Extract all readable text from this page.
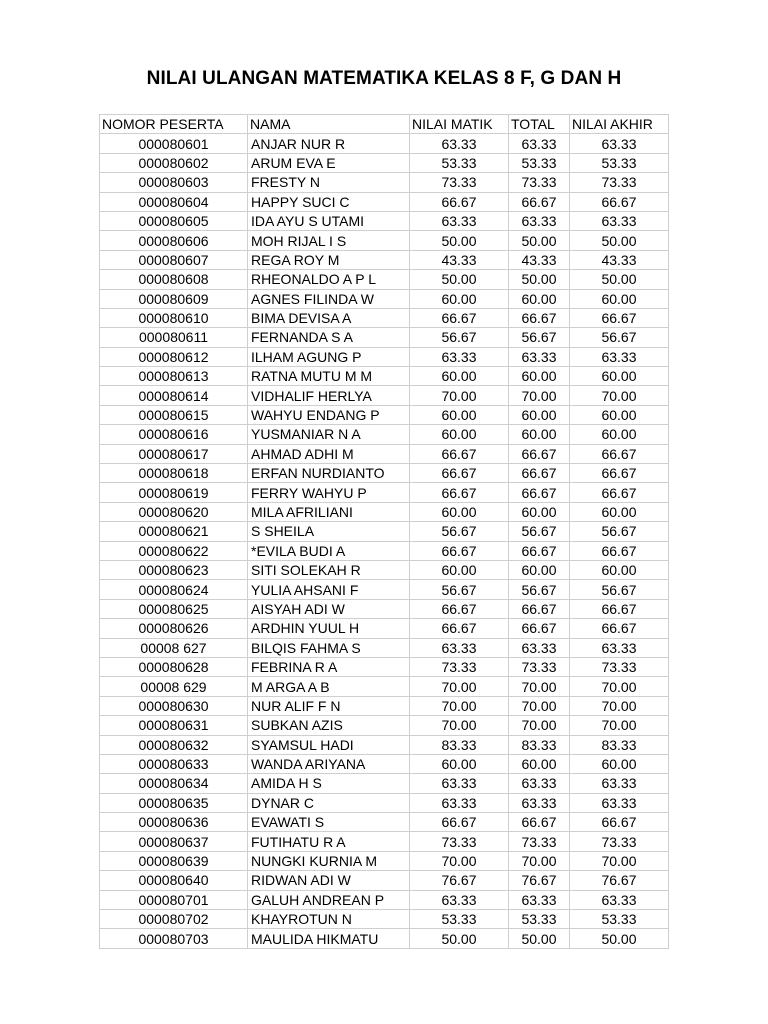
NILAI ULANGAN MATEMATIKA KELAS 8 F, G DAN H
NOMOR PESERTA	NAMA	NILAI MATIK	TOTAL	NILAI AKHIR
000080601	ANJAR NUR R	63.33	63.33	63.33
000080602	ARUM EVA E	53.33	53.33	53.33
000080603	FRESTY N	73.33	73.33	73.33
000080604	HAPPY SUCI C	66.67	66.67	66.67
000080605	IDA AYU S UTAMI	63.33	63.33	63.33
000080606	MOH RIJAL I S	50.00	50.00	50.00
000080607	REGA ROY M	43.33	43.33	43.33
000080608	RHEONALDO A P L	50.00	50.00	50.00
000080609	AGNES FILINDA W	60.00	60.00	60.00
000080610	BIMA DEVISA A	66.67	66.67	66.67
000080611	FERNANDA S A	56.67	56.67	56.67
000080612	ILHAM AGUNG P	63.33	63.33	63.33
000080613	RATNA MUTU M M	60.00	60.00	60.00
000080614	VIDHALIF HERLYA	70.00	70.00	70.00
000080615	WAHYU ENDANG P	60.00	60.00	60.00
000080616	YUSMANIAR N A	60.00	60.00	60.00
000080617	AHMAD ADHI M	66.67	66.67	66.67
000080618	ERFAN NURDIANTO	66.67	66.67	66.67
000080619	FERRY WAHYU P	66.67	66.67	66.67
000080620	MILA AFRILIANI	60.00	60.00	60.00
000080621	S SHEILA	56.67	56.67	56.67
000080622	*EVILA BUDI A	66.67	66.67	66.67
000080623	SITI SOLEKAH R	60.00	60.00	60.00
000080624	YULIA AHSANI F	56.67	56.67	56.67
000080625	AISYAH ADI W	66.67	66.67	66.67
000080626	ARDHIN YUUL H	66.67	66.67	66.67
00008 627	BILQIS FAHMA S	63.33	63.33	63.33
000080628	FEBRINA R A	73.33	73.33	73.33
00008 629	M ARGA A B	70.00	70.00	70.00
000080630	NUR ALIF F N	70.00	70.00	70.00
000080631	SUBKAN AZIS	70.00	70.00	70.00
000080632	SYAMSUL HADI	83.33	83.33	83.33
000080633	WANDA ARIYANA	60.00	60.00	60.00
000080634	AMIDA H S	63.33	63.33	63.33
000080635	DYNAR C	63.33	63.33	63.33
000080636	EVAWATI S	66.67	66.67	66.67
000080637	FUTIHATU R A	73.33	73.33	73.33
000080639	NUNGKI KURNIA M	70.00	70.00	70.00
000080640	RIDWAN ADI W	76.67	76.67	76.67
000080701	GALUH ANDREAN P	63.33	63.33	63.33
000080702	KHAYROTUN N	53.33	53.33	53.33
000080703	MAULIDA HIKMATU	50.00	50.00	50.00
